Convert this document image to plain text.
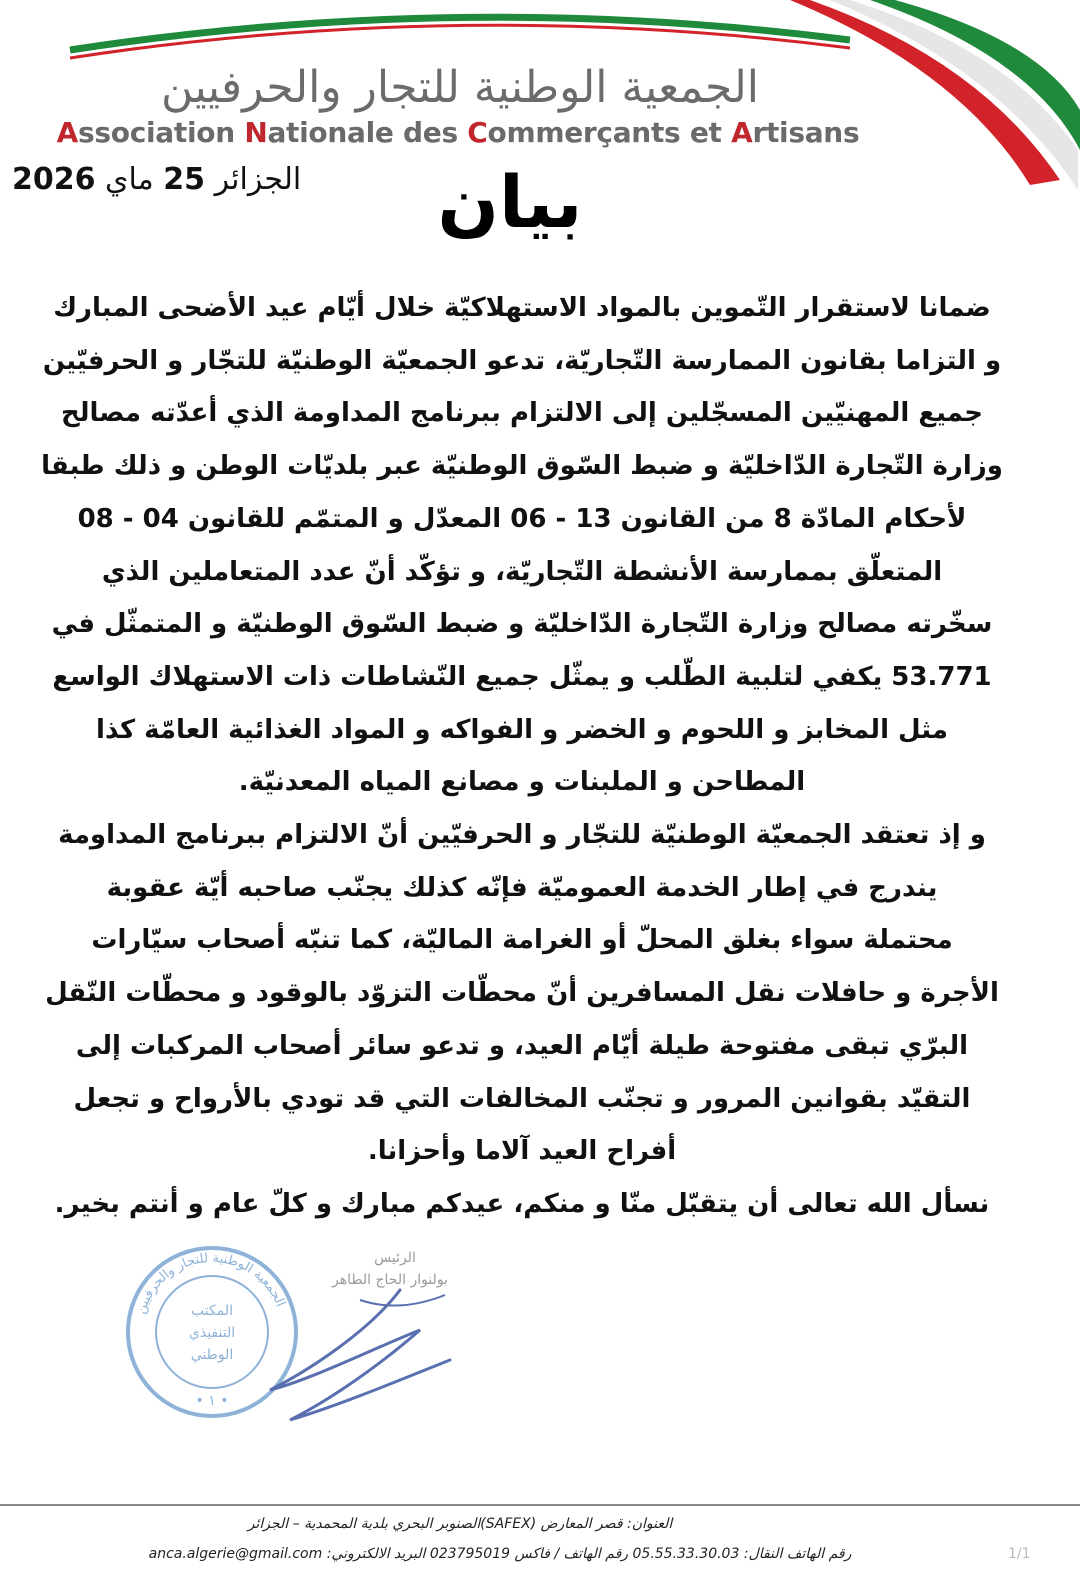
الجمعية الوطنية للتجار والحرفيين
Association Nationale des Commerçants et Artisans
الجزائر 25 ماي 2026	بيان
ضمانا لاستقرار التّموين بالمواد الاستهلاكيّة خلال أيّام عيد الأضحى المبارك
و التزاما بقانون الممارسة التّجاريّة، تدعو الجمعيّة الوطنيّة للتجّار و الحرفيّين
جميع المهنيّين المسجّلين إلى الالتزام ببرنامج المداومة الذي أعدّته مصالح
وزارة التّجارة الدّاخليّة و ضبط السّوق الوطنيّة عبر بلديّات الوطن و ذلك طبقا
لأحكام المادّة 8 من القانون 13 - 06 المعدّل و المتمّم للقانون 04 - 08
المتعلّق بممارسة الأنشطة التّجاريّة، و تؤكّد أنّ عدد المتعاملين الذي
سخّرته مصالح وزارة التّجارة الدّاخليّة و ضبط السّوق الوطنيّة و المتمثّل في
53.771 يكفي لتلبية الطّلب و يمثّل جميع النّشاطات ذات الاستهلاك الواسع
مثل المخابز و اللحوم و الخضر و الفواكه و المواد الغذائية العامّة كذا
المطاحن و الملبنات و مصانع المياه المعدنيّة.
و إذ تعتقد الجمعيّة الوطنيّة للتجّار و الحرفيّين أنّ الالتزام ببرنامج المداومة
يندرج في إطار الخدمة العموميّة فإنّه كذلك يجنّب صاحبه أيّة عقوبة
محتملة سواء بغلق المحلّ أو الغرامة الماليّة، كما تنبّه أصحاب سيّارات
الأجرة و حافلات نقل المسافرين أنّ محطّات التزوّد بالوقود و محطّات النّقل
البرّي تبقى مفتوحة طيلة أيّام العيد، و تدعو سائر أصحاب المركبات إلى
التقيّد بقوانين المرور و تجنّب المخالفات التي قد تودي بالأرواح و تجعل
أفراح العيد آلاما وأحزانا.
نسأل الله تعالى أن يتقبّل منّا و منكم، عيدكم مبارك و كلّ عام و أنتم بخير.
الجمعية الوطنية للتجار والحرفيين
المكتب
التنفيذي
الوطني
• ١ •
الرئيس
بولنوار الحاج الطاهر
العنوان: قصر المعارض (SAFEX)الصنوبر البحري بلدية المحمدية – الجزائر
رقم الهاتف النقال: 05.55.33.30.03 رقم الهاتف / فاكس 023795019 البريد الالكتروني: anca.algerie@gmail.com	1/1
